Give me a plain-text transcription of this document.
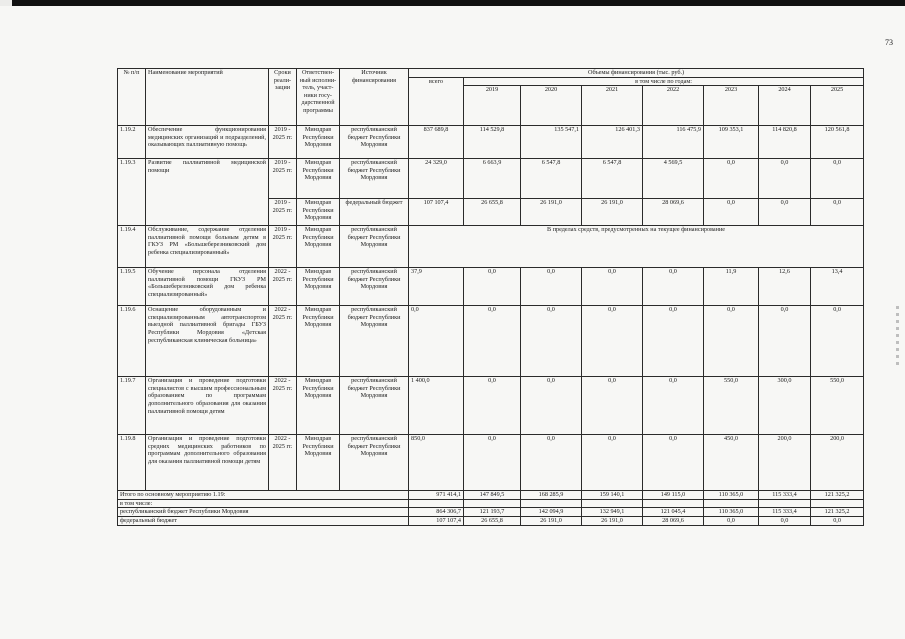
73
№ п/п	Наименование мероприятий	Сроки реали-зации	Ответствен-ный исполни-тель, участ-ники госу-дарственной программы	Источник финансирования	Объемы финансирования (тыс. руб.)							
					всего	в том числе по годам:						
						2019	2020	2021	2022	2023	2024	2025
1.19.2	Обеспечение функционирования медицинских организаций и подразделений, оказывающих паллиативную помощь	2019 - 2025 гг.	Минздрав Республики Мордовия	республиканский бюджет Республики Мордовия	837 689,8	114 529,8	135 547,1	126 401,3	116 475,9	109 353,1	114 820,8	120 561,8
1.19.3	Развитие паллиативной медицинской помощи	2019 - 2025 гг.	Минздрав Республики Мордовия	республиканский бюджет Республики Мордовия	24 329,0	6 663,9	6 547,8	6 547,8	4 569,5	0,0	0,0	0,0
		2019 - 2025 гг.	Минздрав Республики Мордовия	федеральный бюджет	107 107,4	26 655,8	26 191,0	26 191,0	28 069,6	0,0	0,0	0,0
1.19.4	Обслуживание, содержание отделения паллиативной помощи больным детям в ГКУЗ РМ «Большеберезниковский дом ребенка специализированный»	2019 - 2025 гг.	Минздрав Республики Мордовия	республиканский бюджет Республики Мордовия	В пределах средств, предусмотренных на текущее финансирование							
1.19.5	Обучение персонала отделения паллиативной помощи ГКУЗ РМ «Большеберезниковский дом ребенка специализированный»	2022 - 2025 гг.	Минздрав Республики Мордовия	республиканский бюджет Республики Мордовия	37,9	0,0	0,0	0,0	0,0	11,9	12,6	13,4
1.19.6	Оснащение оборудованным и специализированным автотранспортом выездной паллиативной бригады ГБУЗ Республики Мордовия «Детская республиканская клиническая больница»	2022 - 2025 гг.	Минздрав Республики Мордовия	республиканский бюджет Республики Мордовия	0,0	0,0	0,0	0,0	0,0	0,0	0,0	0,0
1.19.7	Организация и проведение подготовки специалистов с высшим профессиональным образованием по программам дополнительного образования для оказания паллиативной помощи детям	2022 - 2025 гг.	Минздрав Республики Мордовия	республиканский бюджет Республики Мордовия	1 400,0	0,0	0,0	0,0	0,0	550,0	300,0	550,0
1.19.8	Организация и проведение подготовки средних медицинских работников по программам дополнительного образования для оказания паллиативной помощи детям	2022 - 2025 гг.	Минздрав Республики Мордовия	республиканский бюджет Республики Мордовия	850,0	0,0	0,0	0,0	0,0	450,0	200,0	200,0
Итого по основному мероприятию 1.19:					971 414,1	147 849,5	168 285,9	159 140,1	149 115,0	110 365,0	115 333,4	121 325,2
в том числе:												
республиканский бюджет Республики Мордовия					864 306,7	121 193,7	142 094,9	132 949,1	121 045,4	110 365,0	115 333,4	121 325,2
федеральный бюджет					107 107,4	26 655,8	26 191,0	26 191,0	28 069,6	0,0	0,0	0,0
